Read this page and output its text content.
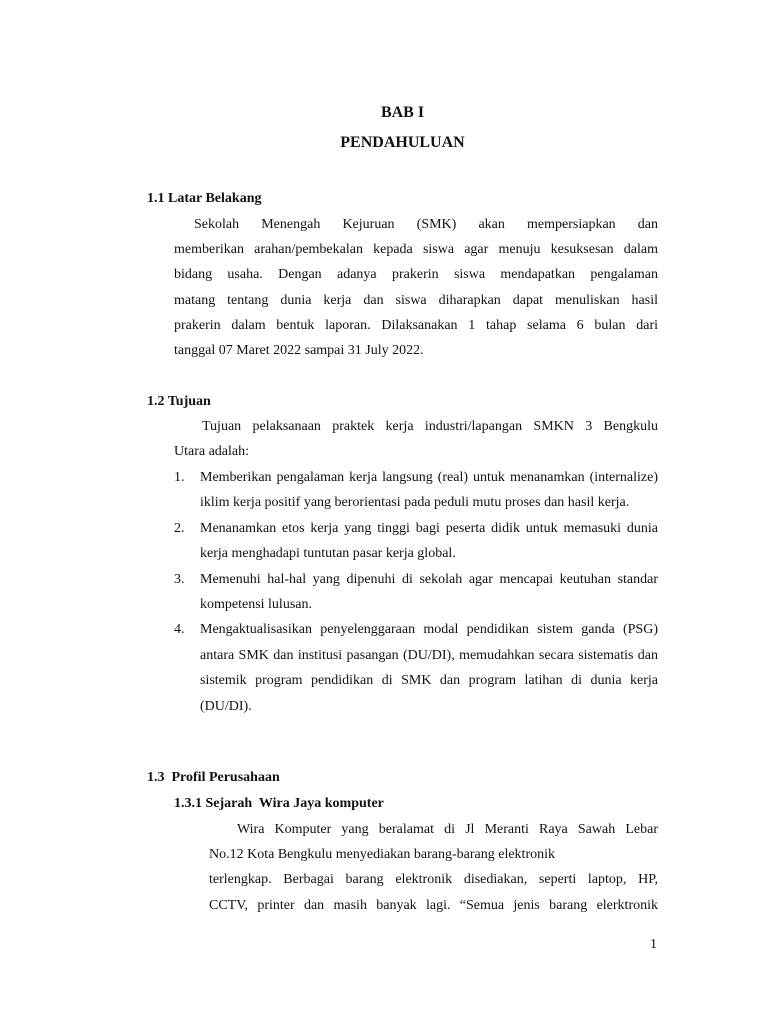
BAB I
PENDAHULUAN
1.1 Latar Belakang
Sekolah Menengah Kejuruan (SMK) akan mempersiapkan dan
memberikan arahan/pembekalan kepada siswa agar menuju kesuksesan dalam
bidang usaha. Dengan adanya prakerin siswa mendapatkan pengalaman
matang tentang dunia kerja dan siswa diharapkan dapat menuliskan hasil
prakerin dalam bentuk laporan. Dilaksanakan 1 tahap selama 6 bulan dari
tanggal 07 Maret 2022 sampai 31 July 2022.
1.2 Tujuan
Tujuan pelaksanaan praktek kerja industri/lapangan SMKN 3 Bengkulu
Utara adalah:
1. Memberikan pengalaman kerja langsung (real) untuk menanamkan (internalize) iklim kerja positif yang berorientasi pada peduli mutu proses dan hasil kerja.
2. Menanamkan etos kerja yang tinggi bagi peserta didik untuk memasuki dunia kerja menghadapi tuntutan pasar kerja global.
3. Memenuhi hal-hal yang dipenuhi di sekolah agar mencapai keutuhan standar kompetensi lulusan.
4. Mengaktualisasikan penyelenggaraan modal pendidikan sistem ganda (PSG) antara SMK dan institusi pasangan (DU/DI), memudahkan secara sistematis dan sistemik program pendidikan di SMK dan program latihan di dunia kerja (DU/DI).
1.3  Profil Perusahaan
1.3.1 Sejarah  Wira Jaya komputer
Wira Komputer yang beralamat di Jl Meranti Raya Sawah Lebar
No.12 Kota Bengkulu menyediakan barang-barang elektronik
terlengkap. Berbagai barang elektronik disediakan, seperti laptop, HP,
CCTV, printer dan masih banyak lagi. “Semua jenis barang elerktronik
1
